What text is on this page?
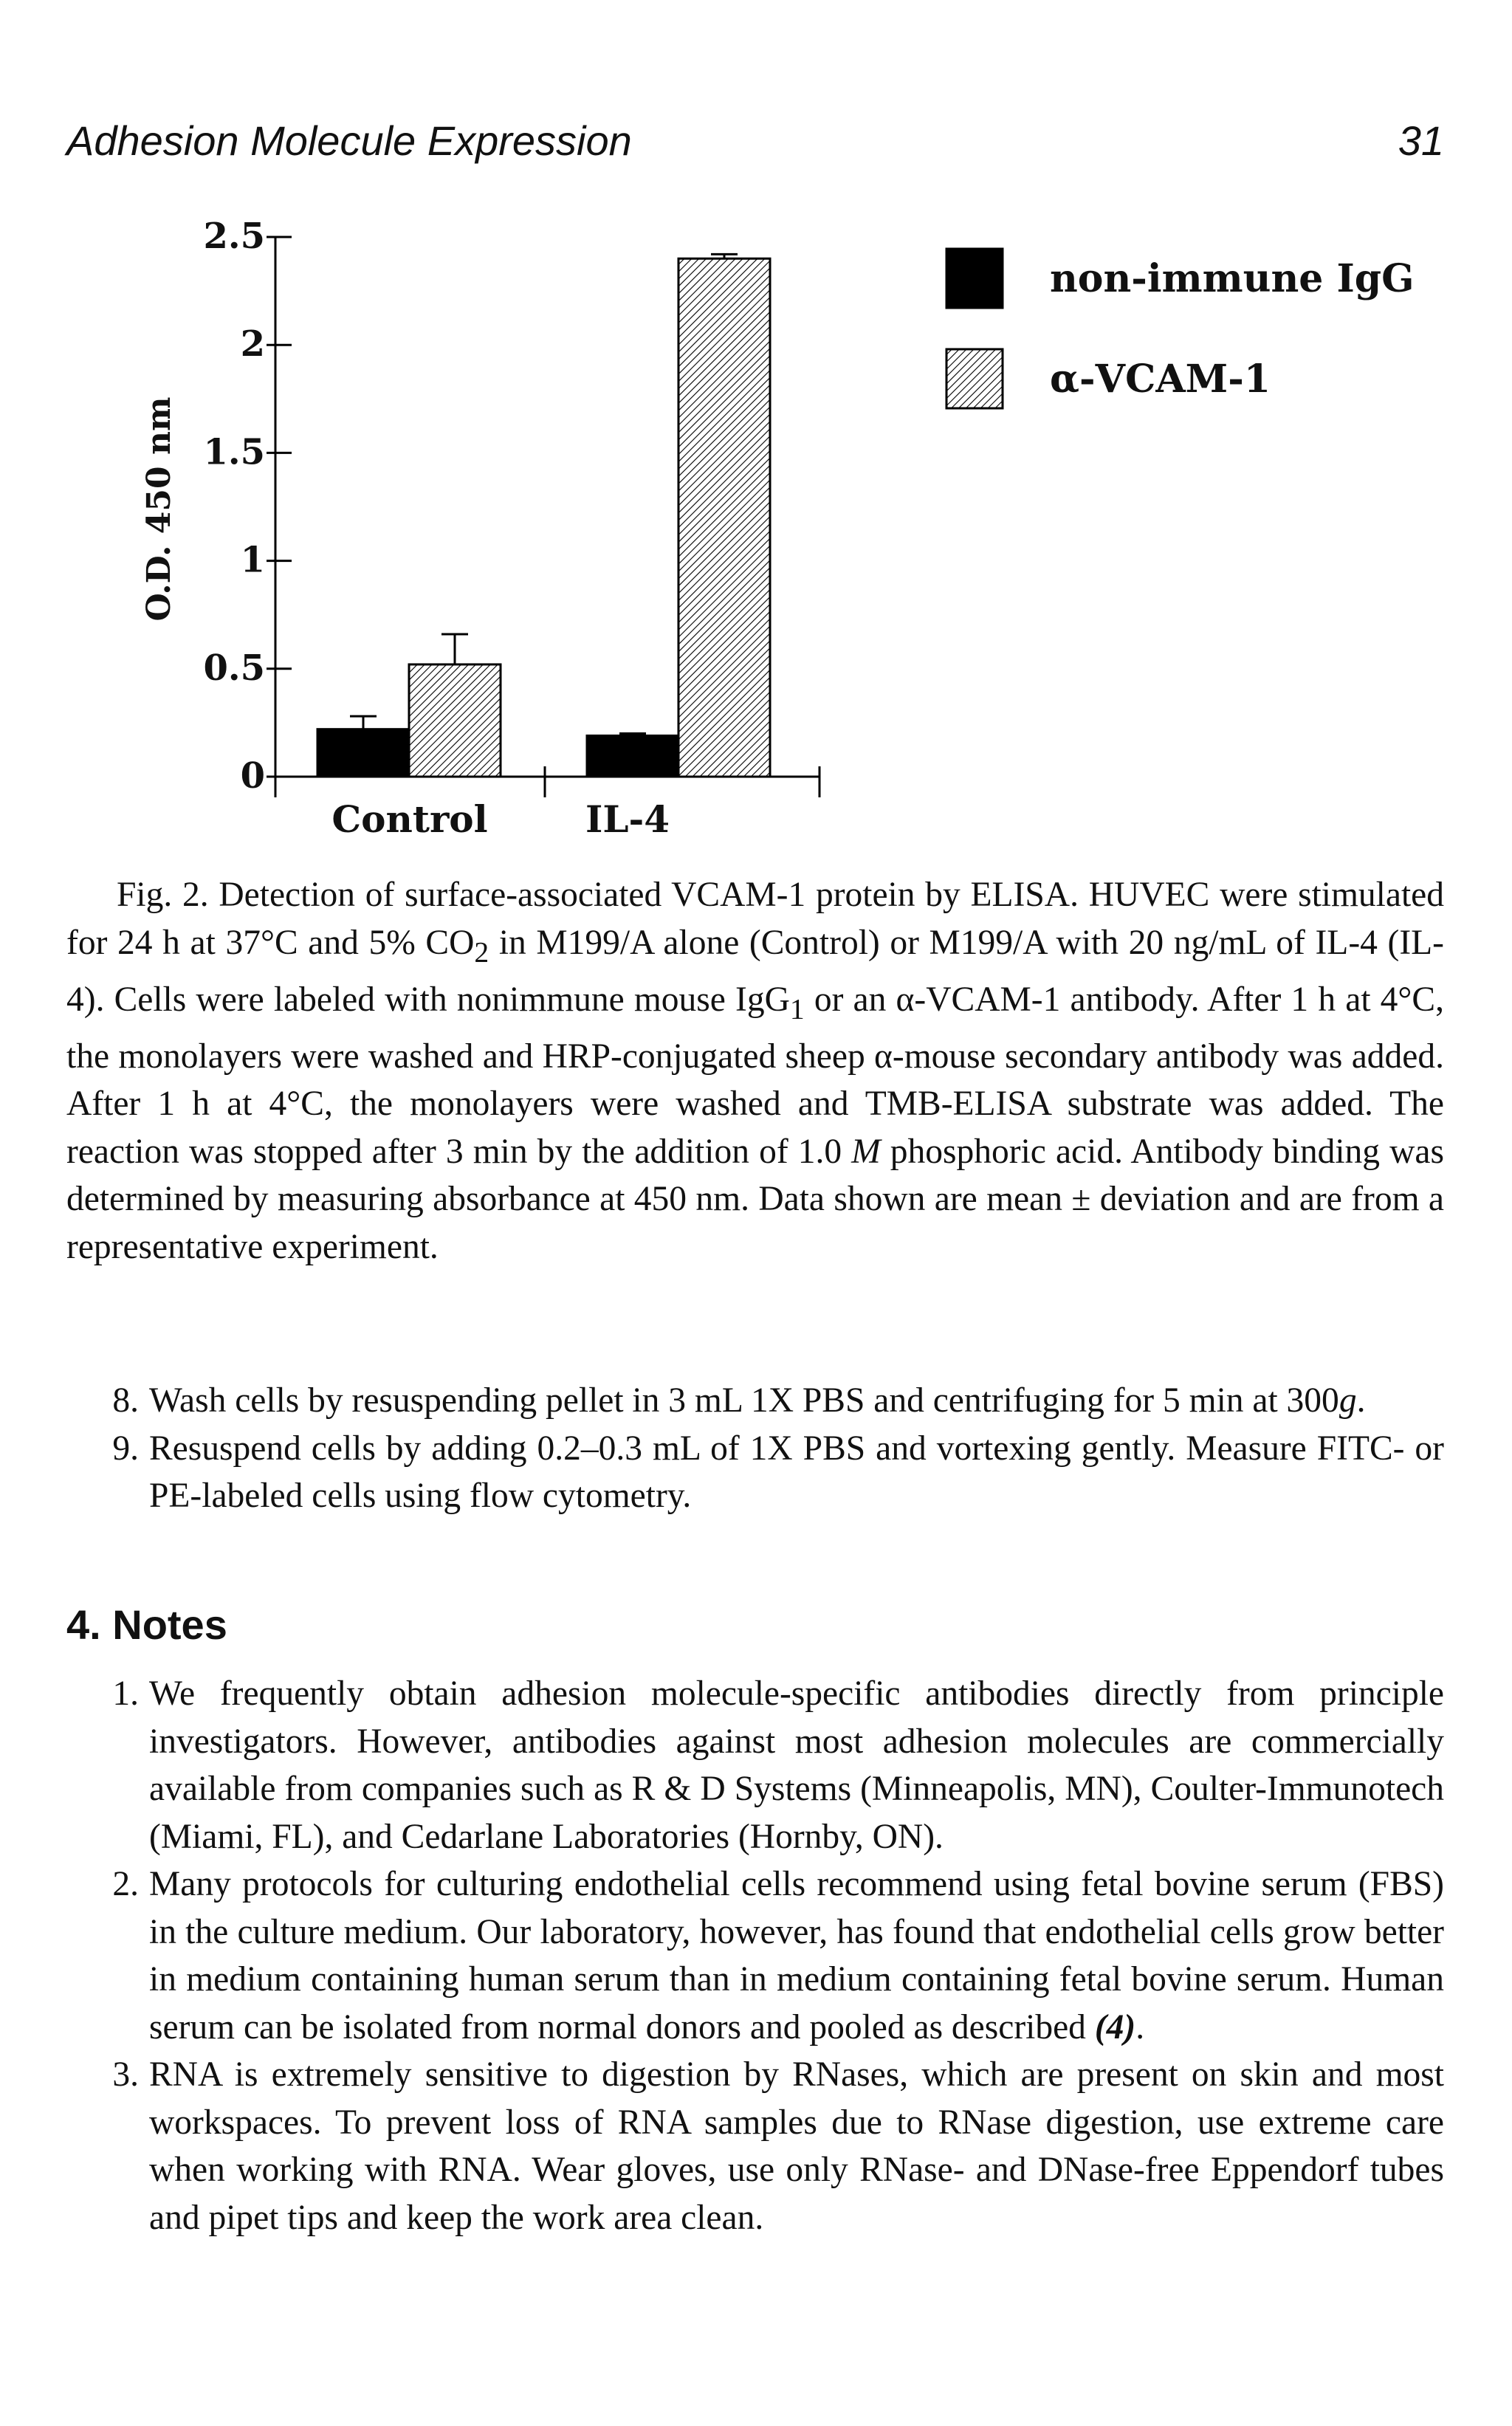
Adhesion Molecule Expression	31
0
0.5
1
1.5
2
2.5
O.D. 450 nm
Control	IL-4
non-immune IgG
α-VCAM-1
Fig. 2. Detection of surface-associated VCAM-1 protein by ELISA. HUVEC were stimulated for 24 h at 37°C and 5% $CO_2$ in M199/A alone (Control) or M199/A with 20 ng/mL of IL-4 (IL-4). Cells were labeled with nonimmune mouse IgG$_1$ or an α-VCAM-1 antibody. After 1 h at 4°C, the monolayers were washed and HRP-conjugated sheep α-mouse secondary antibody was added. After 1 h at 4°C, the monolayers were washed and TMB-ELISA substrate was added. The reaction was stopped after 3 min by the addition of 1.0 M phosphoric acid. Antibody binding was determined by measuring absorbance at 450 nm. Data shown are mean ± deviation and are from a representative experiment.
8. Wash cells by resuspending pellet in 3 mL 1X PBS and centrifuging for 5 min at 300g.
9. Resuspend cells by adding 0.2–0.3 mL of 1X PBS and vortexing gently. Measure FITC- or PE-labeled cells using flow cytometry.
4. Notes
1. We frequently obtain adhesion molecule-specific antibodies directly from principle investigators. However, antibodies against most adhesion molecules are commercially available from companies such as R & D Systems (Minneapolis, MN), Coulter-Immunotech (Miami, FL), and Cedarlane Laboratories (Hornby, ON).
2. Many protocols for culturing endothelial cells recommend using fetal bovine serum (FBS) in the culture medium. Our laboratory, however, has found that endothelial cells grow better in medium containing human serum than in medium containing fetal bovine serum. Human serum can be isolated from normal donors and pooled as described (4).
3. RNA is extremely sensitive to digestion by RNases, which are present on skin and most workspaces. To prevent loss of RNA samples due to RNase digestion, use extreme care when working with RNA. Wear gloves, use only RNase- and DNase-free Eppendorf tubes and pipet tips and keep the work area clean.
